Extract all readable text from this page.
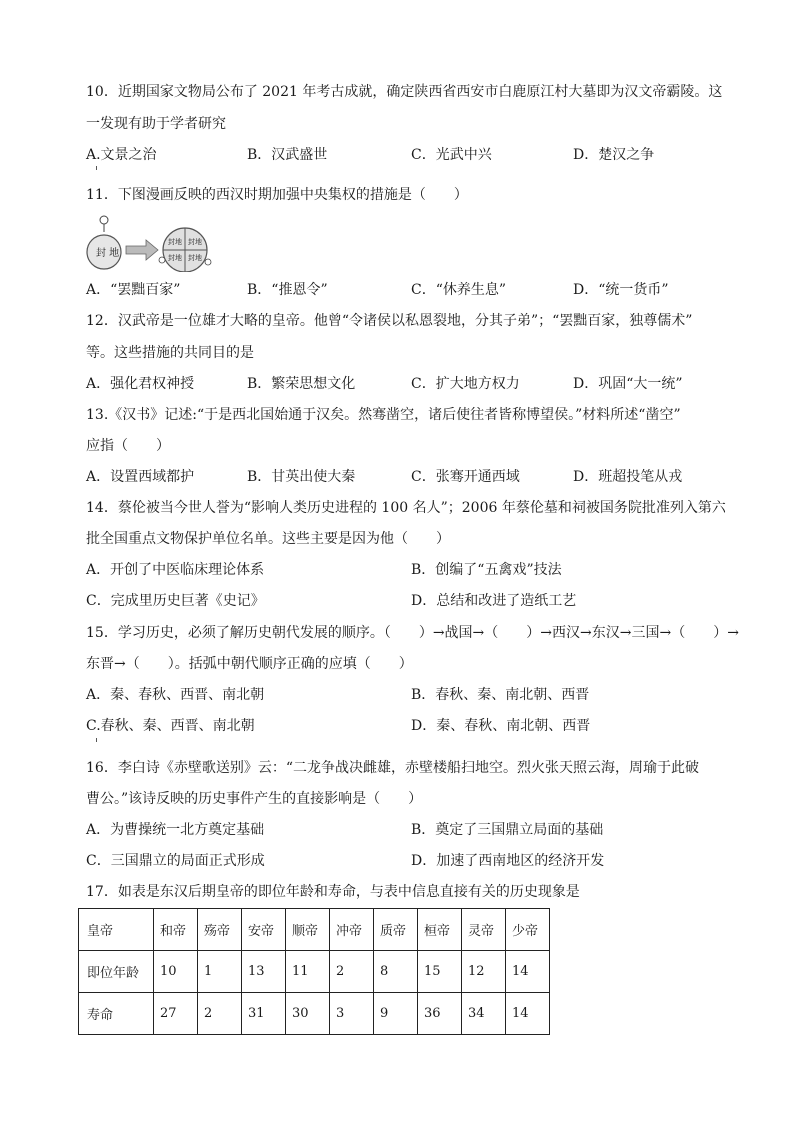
10．近期国家文物局公布了 2021 年考古成就，确定陕西省西安市白鹿原江村大墓即为汉文帝霸陵。这
一发现有助于学者研究
A.文景之治	B．汉武盛世	C．光武中兴	D．楚汉之争
11．下图漫画反映的西汉时期加强中央集权的措施是（　　）
封 地
封地 封地
封地 封地
A．“罢黜百家”	B．“推恩令”	C．“休养生息”	D．“统一货币”
12．汉武帝是一位雄才大略的皇帝。他曾“令诸侯以私恩裂地，分其子弟”；“罢黜百家，独尊儒术”
等。这些措施的共同目的是
A．强化君权神授	B．繁荣思想文化	C．扩大地方权力	D．巩固“大一统”
13.《汉书》记述:“于是西北国始通于汉矣。然骞凿空，诸后使往者皆称博望侯。”材料所述“凿空”
应指（　　）
A．设置西域都护	B．甘英出使大秦	C．张骞开通西域	D．班超投笔从戎
14．蔡伦被当今世人誉为“影响人类历史进程的 100 名人”；2006 年蔡伦墓和祠被国务院批准列入第六
批全国重点文物保护单位名单。这些主要是因为他（　　）
A．开创了中医临床理论体系	B．创编了“五禽戏”技法
C．完成里历史巨著《史记》	D．总结和改进了造纸工艺
15．学习历史，必须了解历史朝代发展的顺序。（　　）→战国→（　　）→西汉→东汉→三国→（　　）→
东晋→（　　）。括弧中朝代顺序正确的应填（　　）
A．秦、春秋、西晋、南北朝	B．春秋、秦、南北朝、西晋
C.春秋、秦、西晋、南北朝	D．秦、春秋、南北朝、西晋
16．李白诗《赤壁歌送别》云：“二龙争战决雌雄，赤壁楼船扫地空。烈火张天照云海，周瑜于此破
曹公。”该诗反映的历史事件产生的直接影响是（　　）
A．为曹操统一北方奠定基础	B．奠定了三国鼎立局面的基础
C．三国鼎立的局面正式形成	D．加速了西南地区的经济开发
17．如表是东汉后期皇帝的即位年龄和寿命，与表中信息直接有关的历史现象是
皇帝	和帝	殇帝	安帝	顺帝	冲帝	质帝	桓帝	灵帝	少帝
即位年龄	10	1	13	11	2	8	15	12	14
寿命	27	2	31	30	3	9	36	34	14
